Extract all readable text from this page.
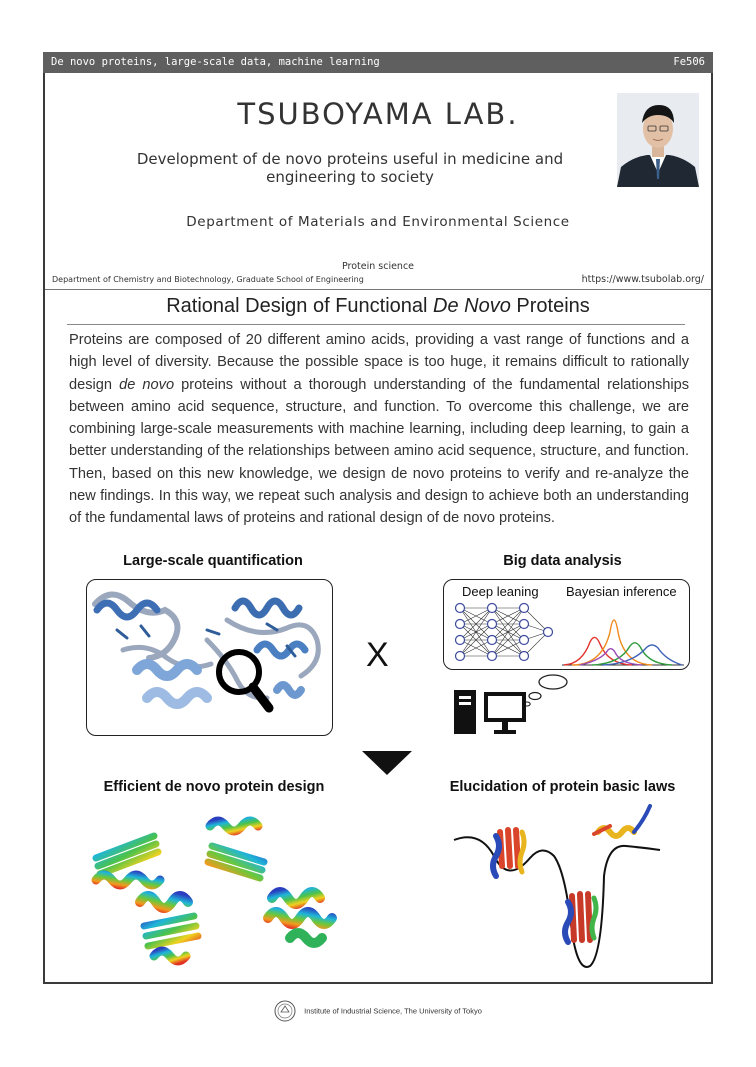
De novo proteins, large-scale data, machine learning	Fe506
TSUBOYAMA LAB.
Development of de novo proteins useful in medicine and engineering to society
Department of Materials and Environmental Science
Protein science
Department of Chemistry and Biotechnology, Graduate School of Engineering	https://www.tsubolab.org/
Rational Design of Functional De Novo Proteins

Proteins are composed of 20 different amino acids, providing a vast range of functions and a high level of diversity. Because the possible space is too huge, it remains difficult to rationally design de novo proteins without a thorough understanding of the fundamental relationships between amino acid sequence, structure, and function. To overcome this challenge, we are combining large-scale measurements with machine learning, including deep learning, to gain a better understanding of the relationships between amino acid sequence, structure, and function. Then, based on this new knowledge, we design de novo proteins to verify and re-analyze the new findings. In this way, we repeat such analysis and design to achieve both an understanding of the fundamental laws of proteins and rational design of de novo proteins.

Large-scale quantification	Big data analysis
Deep leaning Bayesian inference
X
Efficient de novo protein design	Elucidation of protein basic laws
Institute of Industrial Science, The University of Tokyo
